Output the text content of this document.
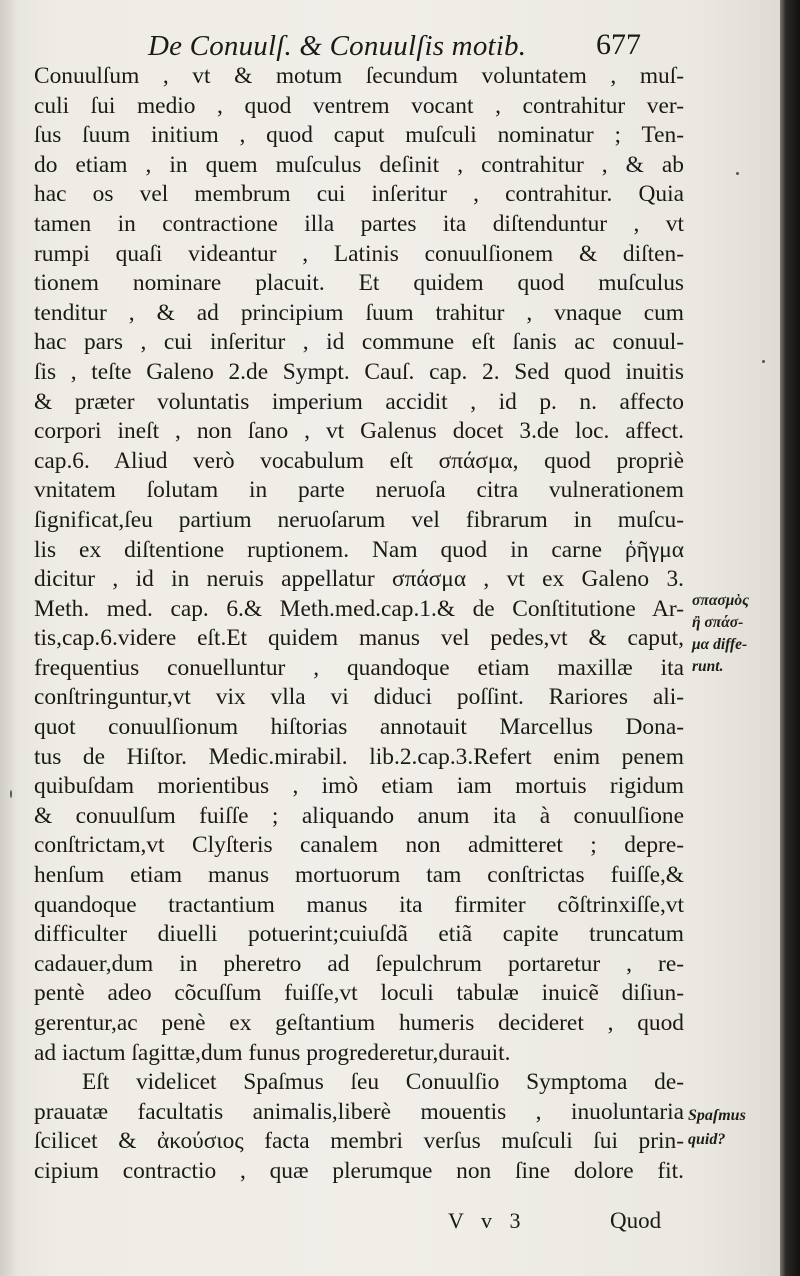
De Conuulſ. & Conuulſis motib. 677
Conuulſum , vt & motum ſecundum voluntatem , muſ-
culi ſui medio , quod ventrem vocant , contrahitur ver-
ſus ſuum initium , quod caput muſculi nominatur ; Ten-
do etiam , in quem muſculus deſinit , contrahitur , & ab
hac os vel membrum cui inſeritur , contrahitur. Quia
tamen in contractione illa partes ita diſtenduntur , vt
rumpi quaſi videantur , Latinis conuulſionem & diſten-
tionem nominare placuit. Et quidem quod muſculus
tenditur , & ad principium ſuum trahitur , vnaque cum
hac pars , cui inſeritur , id commune eſt ſanis ac conuul-
ſis , teſte Galeno 2.de Sympt. Cauſ. cap. 2. Sed quod inuitis
& præter voluntatis imperium accidit , id p. n. affecto
corpori ineſt , non ſano , vt Galenus docet 3.de loc. affect.
cap.6. Aliud verò vocabulum eſt σπάσμα, quod propriè
vnitatem ſolutam in parte neruoſa citra vulnerationem
ſignificat,ſeu partium neruoſarum vel fibrarum in muſcu-
lis ex diſtentione ruptionem. Nam quod in carne ῥῆγμα
dicitur , id in neruis appellatur σπάσμα , vt ex Galeno 3.
Meth. med. cap. 6.& Meth.med.cap.1.& de Conſtitutione Ar-
tis,cap.6.videre eſt.Et quidem manus vel pedes,vt & caput,
frequentius conuelluntur , quandoque etiam maxillæ ita
conſtringuntur,vt vix vlla vi diduci poſſint. Rariores ali-
quot conuulſionum hiſtorias annotauit Marcellus Dona-
tus de Hiſtor. Medic.mirabil. lib.2.cap.3.Refert enim penem
quibuſdam morientibus , imò etiam iam mortuis rigidum
& conuulſum fuiſſe ; aliquando anum ita à conuulſione
conſtrictam,vt Clyſteris canalem non admitteret ; depre-
henſum etiam manus mortuorum tam conſtrictas fuiſſe,&
quandoque tractantium manus ita firmiter cõſtrinxiſſe,vt
difficulter diuelli potuerint;cuiuſdã etiã capite truncatum
cadauer,dum in pheretro ad ſepulchrum portaretur , re-
pentè adeo cõcuſſum fuiſſe,vt loculi tabulæ inuicẽ diſiun-
gerentur,ac penè ex geſtantium humeris decideret , quod
ad iactum ſagittæ,dum funus progrederetur,durauit.
Eſt videlicet Spaſmus ſeu Conuulſio Symptoma de-
prauatæ facultatis animalis,liberè mouentis , inuoluntaria
ſcilicet & ἀκούσιος facta membri verſus muſculi ſui prin-
cipium contractio , quæ plerumque non ſine dolore fit.
σπασμὸς
ἢ σπάσ-
μα diffe-
runt.
Spaſmus
quid?
V v 3	Quod
